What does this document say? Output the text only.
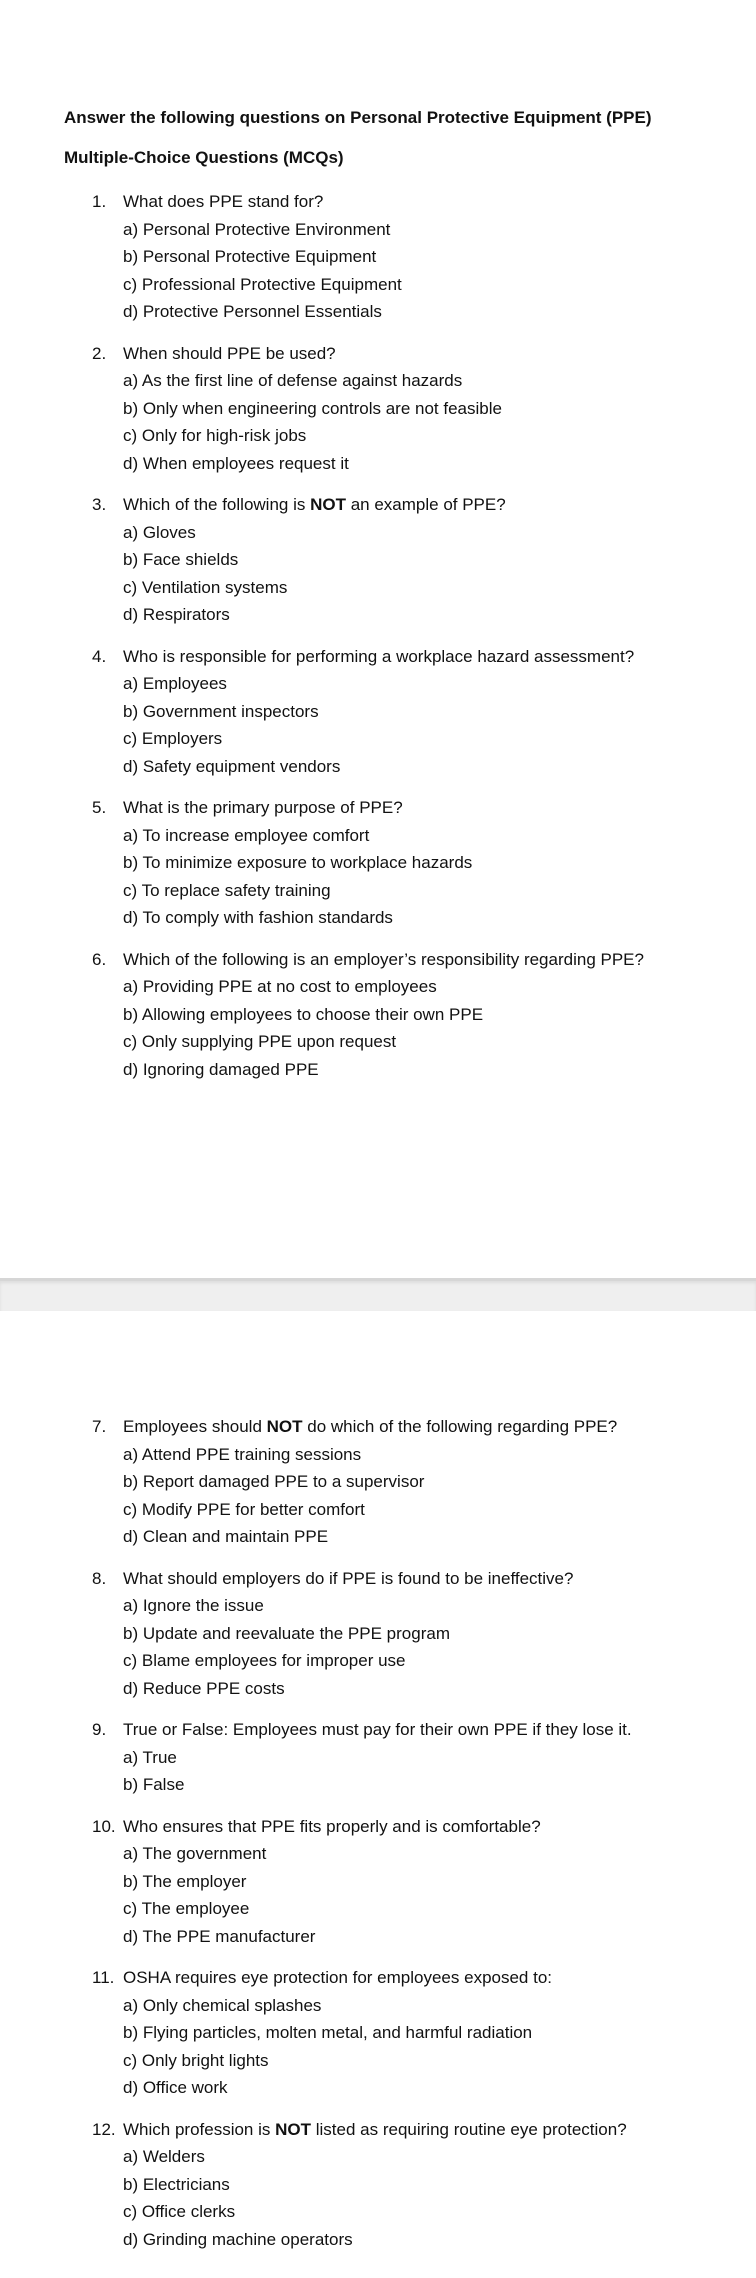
Answer the following questions on Personal Protective Equipment (PPE)

Multiple-Choice Questions (MCQs)

1. What does PPE stand for?
a) Personal Protective Environment
b) Personal Protective Equipment
c) Professional Protective Equipment
d) Protective Personnel Essentials
2. When should PPE be used?
a) As the first line of defense against hazards
b) Only when engineering controls are not feasible
c) Only for high-risk jobs
d) When employees request it
3. Which of the following is NOT an example of PPE?
a) Gloves
b) Face shields
c) Ventilation systems
d) Respirators
4. Who is responsible for performing a workplace hazard assessment?
a) Employees
b) Government inspectors
c) Employers
d) Safety equipment vendors
5. What is the primary purpose of PPE?
a) To increase employee comfort
b) To minimize exposure to workplace hazards
c) To replace safety training
d) To comply with fashion standards
6. Which of the following is an employer’s responsibility regarding PPE?
a) Providing PPE at no cost to employees
b) Allowing employees to choose their own PPE
c) Only supplying PPE upon request
d) Ignoring damaged PPE
7. Employees should NOT do which of the following regarding PPE?
a) Attend PPE training sessions
b) Report damaged PPE to a supervisor
c) Modify PPE for better comfort
d) Clean and maintain PPE
8. What should employers do if PPE is found to be ineffective?
a) Ignore the issue
b) Update and reevaluate the PPE program
c) Blame employees for improper use
d) Reduce PPE costs
9. True or False: Employees must pay for their own PPE if they lose it.
a) True
b) False
10. Who ensures that PPE fits properly and is comfortable?
a) The government
b) The employer
c) The employee
d) The PPE manufacturer
11. OSHA requires eye protection for employees exposed to:
a) Only chemical splashes
b) Flying particles, molten metal, and harmful radiation
c) Only bright lights
d) Office work
12. Which profession is NOT listed as requiring routine eye protection?
a) Welders
b) Electricians
c) Office clerks
d) Grinding machine operators
